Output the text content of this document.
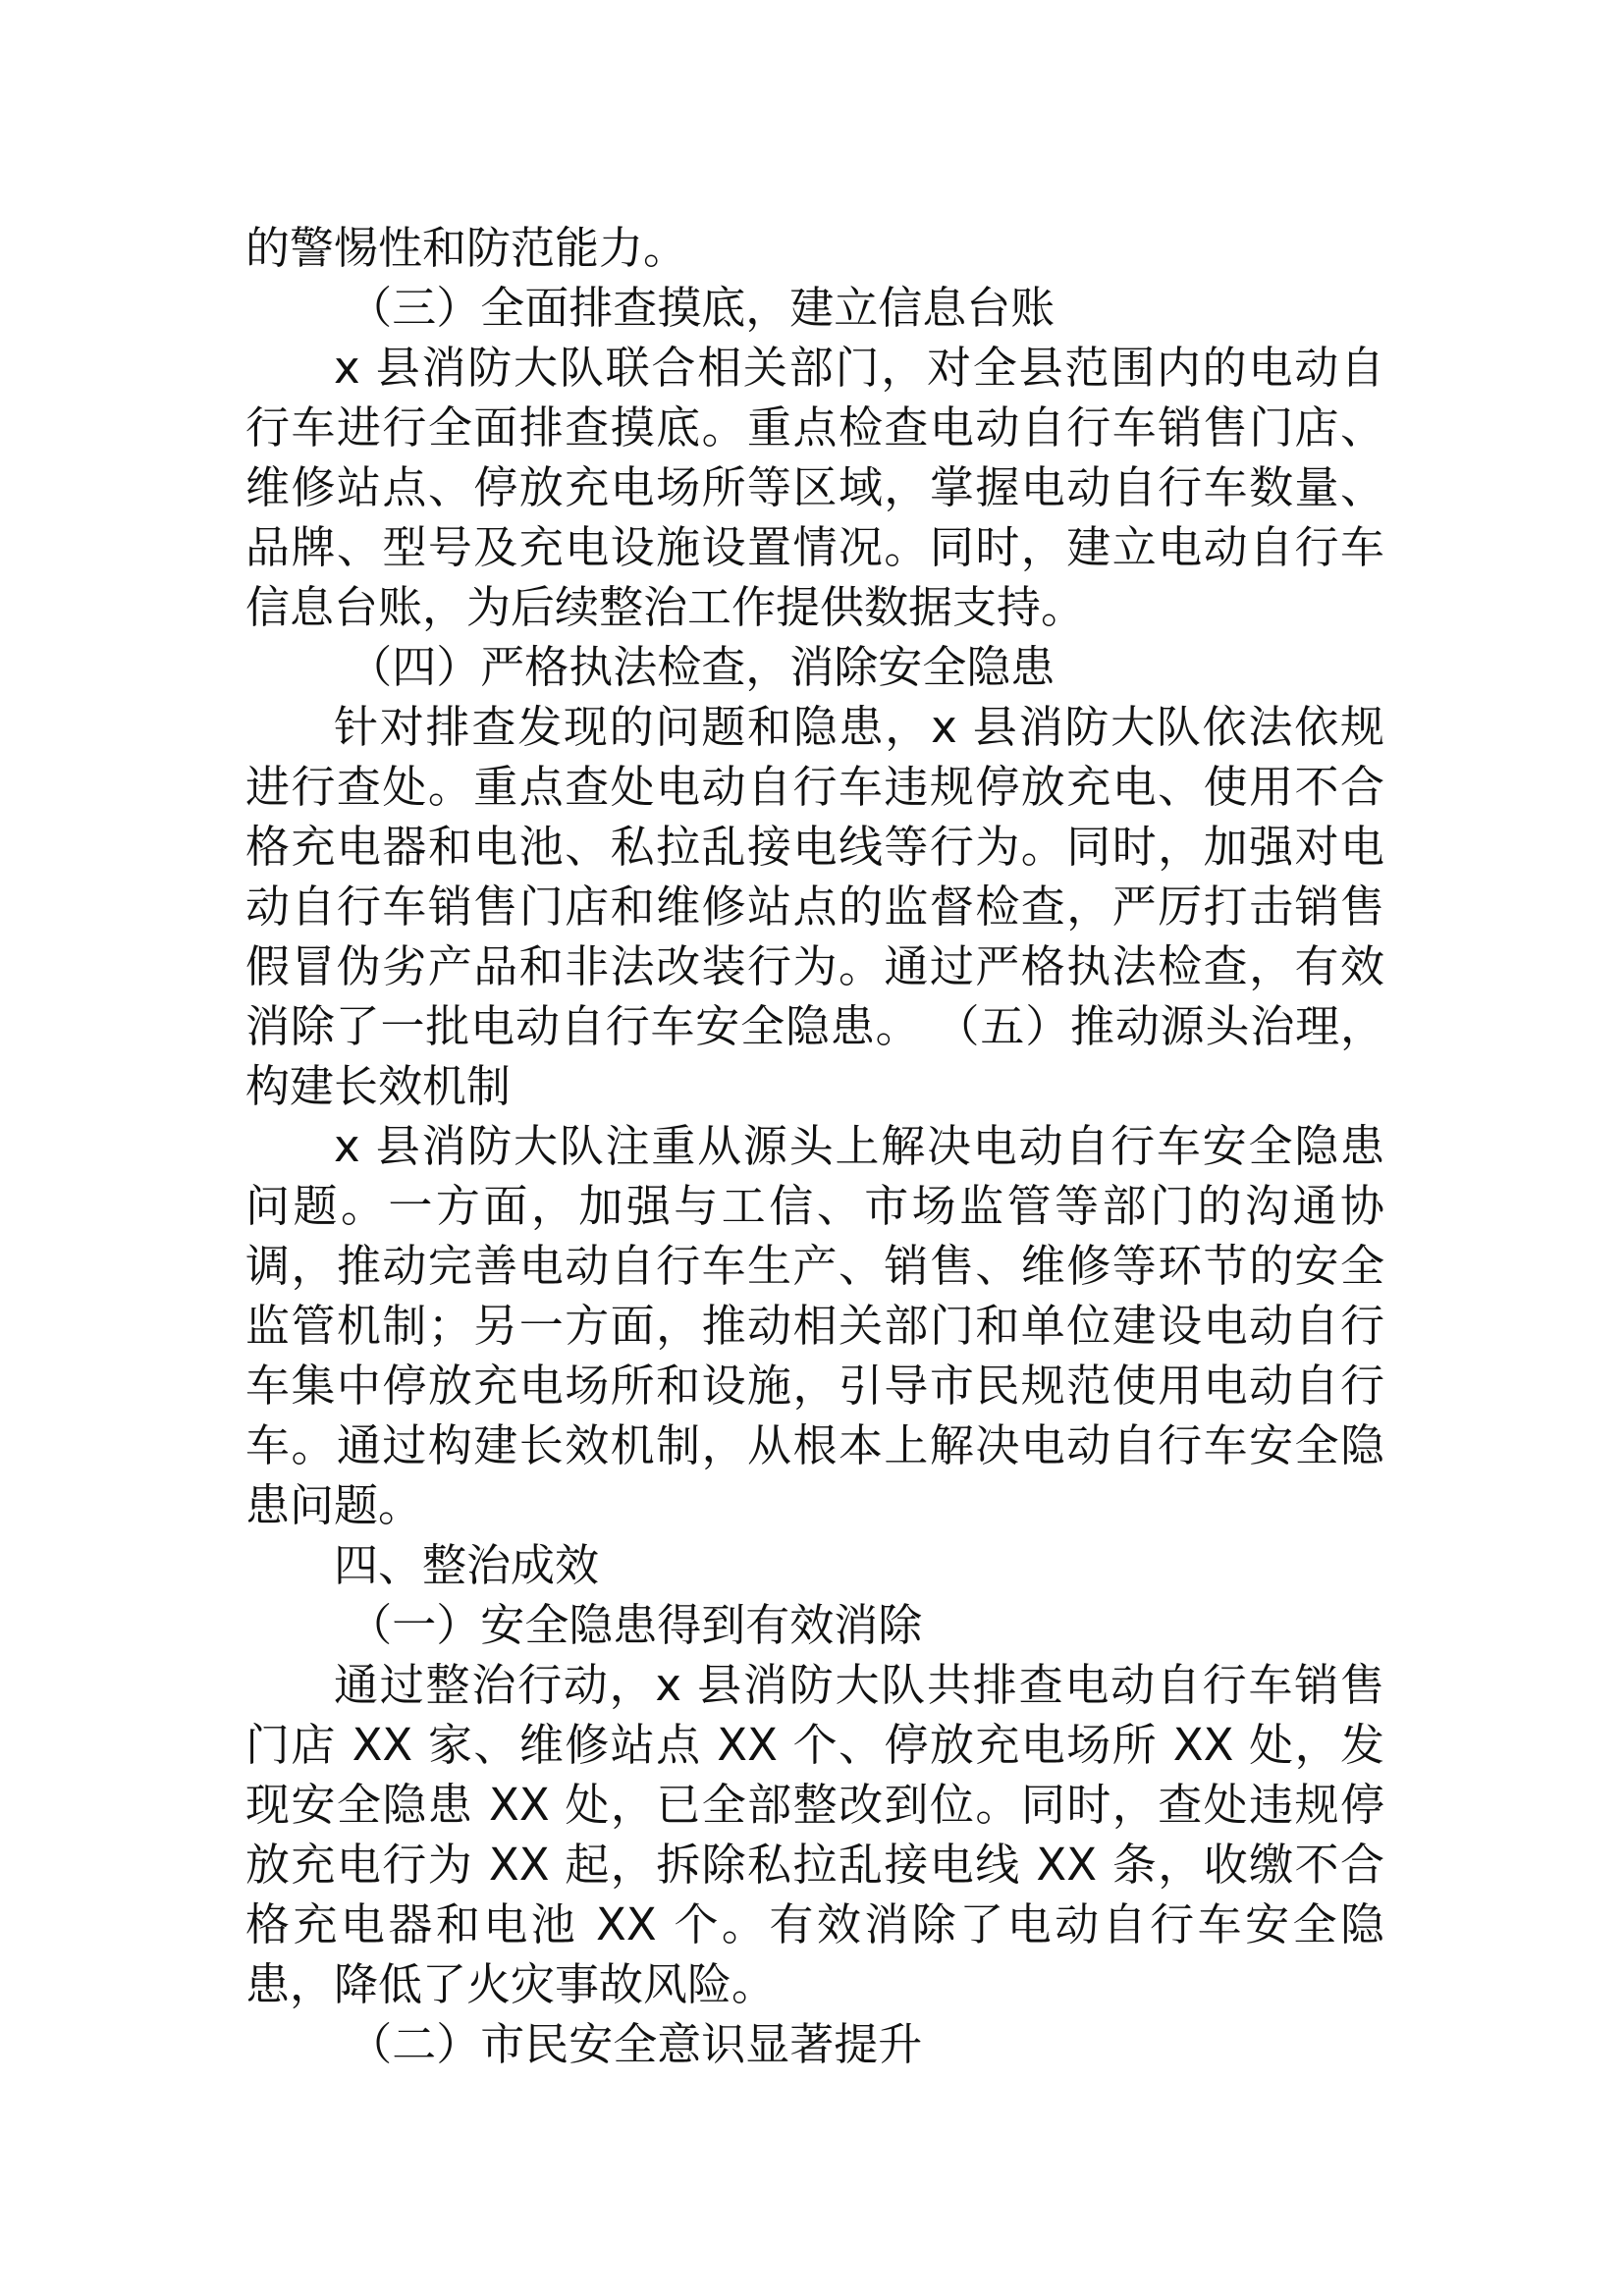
的警惕性和防范能力。

（三）全面排查摸底，建立信息台账

x 县消防大队联合相关部门，对全县范围内的电动自行车进行全面排查摸底。重点检查电动自行车销售门店、维修站点、停放充电场所等区域，掌握电动自行车数量、品牌、型号及充电设施设置情况。同时，建立电动自行车信息台账，为后续整治工作提供数据支持。

（四）严格执法检查，消除安全隐患

针对排查发现的问题和隐患，x 县消防大队依法依规进行查处。重点查处电动自行车违规停放充电、使用不合格充电器和电池、私拉乱接电线等行为。同时，加强对电动自行车销售门店和维修站点的监督检查，严厉打击销售假冒伪劣产品和非法改装行为。通过严格执法检查，有效消除了一批电动自行车安全隐患。 （五）推动源头治理，构建长效机制

x 县消防大队注重从源头上解决电动自行车安全隐患问题。一方面，加强与工信、市场监管等部门的沟通协调，推动完善电动自行车生产、销售、维修等环节的安全监管机制；另一方面，推动相关部门和单位建设电动自行车集中停放充电场所和设施，引导市民规范使用电动自行车。通过构建长效机制，从根本上解决电动自行车安全隐患问题。

四、整治成效

（一）安全隐患得到有效消除

通过整治行动，x 县消防大队共排查电动自行车销售门店 XX 家、维修站点 XX 个、停放充电场所 XX 处，发现安全隐患 XX 处，已全部整改到位。同时，查处违规停放充电行为 XX 起，拆除私拉乱接电线 XX 条，收缴不合格充电器和电池 XX 个。有效消除了电动自行车安全隐患，降低了火灾事故风险。

（二）市民安全意识显著提升
